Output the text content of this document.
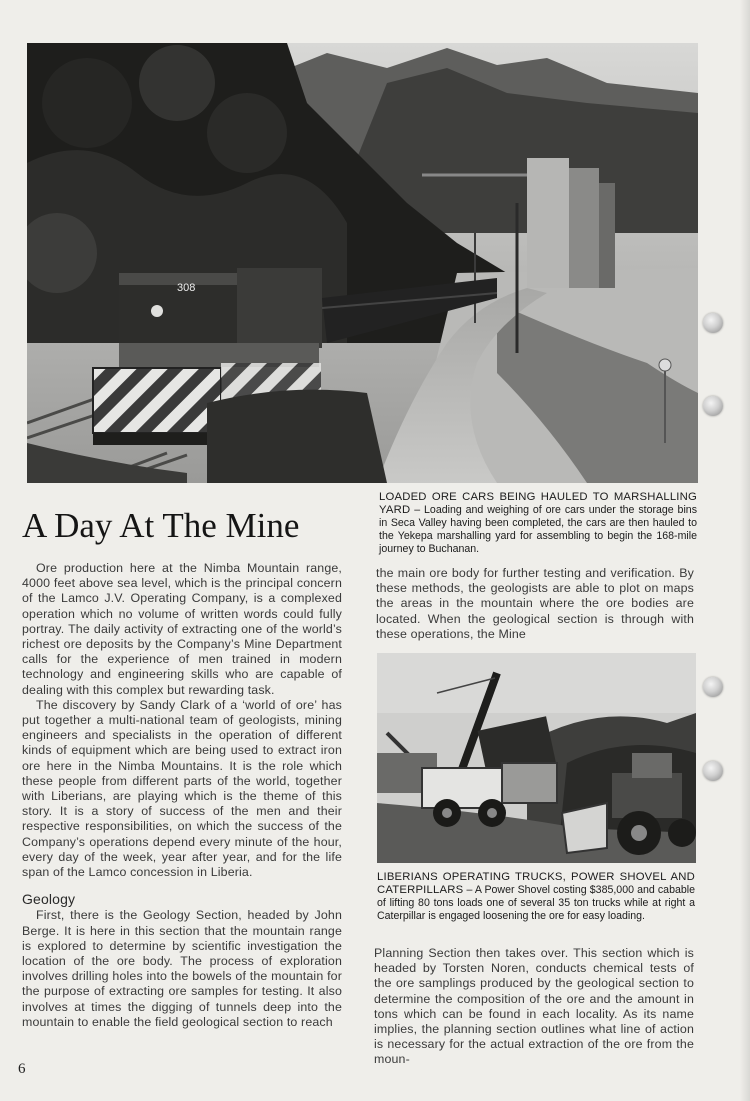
308
LOADED ORE CARS BEING HAULED TO MARSHALLING YARD – Loading and weighing of ore cars under the storage bins in Seca Valley having been completed, the cars are then hauled to the Yekepa marshalling yard for assembling to begin the 168-mile journey to Buchanan.
A Day At The Mine

Ore production here at the Nimba Mountain range, 4000 feet above sea level, which is the principal concern of the Lamco J.V. Operating Company, is a complexed operation which no volume of written words could fully portray. The daily activity of extracting one of the world’s richest ore deposits by the Company’s Mine Department calls for the experience of men trained in modern technology and engineering skills who are capable of dealing with this complex but rewarding task.

The discovery by Sandy Clark of a ‘world of ore’ has put together a multi-national team of geologists, mining engineers and specialists in the operation of different kinds of equipment which are being used to extract iron ore here in the Nimba Mountains. It is the role which these people from different parts of the world, together with Liberians, are playing which is the theme of this story. It is a story of success of the men and their respective responsibilities, on which the success of the Company’s operations depend every minute of the hour, every day of the week, year after year, and for the life span of the Lamco concession in Liberia.

Geology

First, there is the Geology Section, headed by John Berge. It is here in this section that the mountain range is explored to determine by scientific investigation the location of the ore body. The process of exploration involves drilling holes into the bowels of the mountain for the purpose of extracting ore samples for testing. It also involves at times the digging of tunnels deep into the mountain to enable the field geological section to reach

the main ore body for further testing and verification. By these methods, the geologists are able to plot on maps the areas in the mountain where the ore bodies are located. When the geological section is through with these operations, the Mine

LIBERIANS OPERATING TRUCKS, POWER SHOVEL AND CATERPILLARS – A Power Shovel costing $385,000 and cabable of lifting 80 tons loads one of several 35 ton trucks while at right a Caterpillar is engaged loosening the ore for easy loading.

Planning Section then takes over. This section which is headed by Torsten Noren, conducts chemical tests of the ore samplings produced by the geological section to determine the composition of the ore and the amount in tons which can be found in each locality. As its name implies, the planning section outlines what line of action is necessary for the actual extraction of the ore from the moun-

6
